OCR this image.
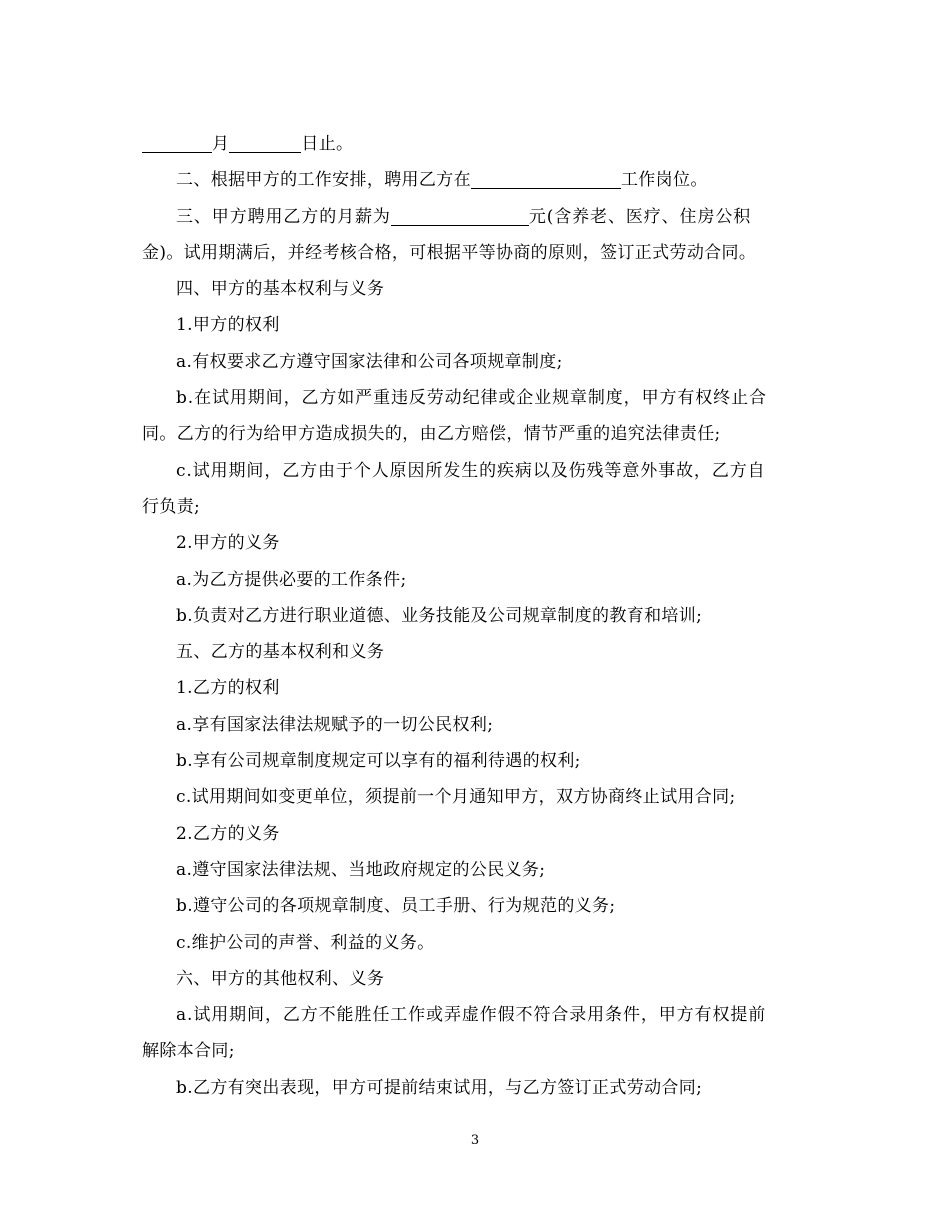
月	日止。
二、根据甲方的工作安排，聘用乙方在	工作岗位。
三、甲方聘用乙方的月薪为	元(含养老、医疗、住房公积
金)。试用期满后，并经考核合格，可根据平等协商的原则，签订正式劳动合同。
四、甲方的基本权利与义务
1.甲方的权利
a.有权要求乙方遵守国家法律和公司各项规章制度;
b.在试用期间，乙方如严重违反劳动纪律或企业规章制度，甲方有权终止合
同。乙方的行为给甲方造成损失的，由乙方赔偿，情节严重的追究法律责任;
c.试用期间，乙方由于个人原因所发生的疾病以及伤残等意外事故，乙方自
行负责;
2.甲方的义务
a.为乙方提供必要的工作条件;
b.负责对乙方进行职业道德、业务技能及公司规章制度的教育和培训;
五、乙方的基本权利和义务
1.乙方的权利
a.享有国家法律法规赋予的一切公民权利;
b.享有公司规章制度规定可以享有的福利待遇的权利;
c.试用期间如变更单位，须提前一个月通知甲方，双方协商终止试用合同;
2.乙方的义务
a.遵守国家法律法规、当地政府规定的公民义务;
b.遵守公司的各项规章制度、员工手册、行为规范的义务;
c.维护公司的声誉、利益的义务。
六、甲方的其他权利、义务
a.试用期间，乙方不能胜任工作或弄虚作假不符合录用条件，甲方有权提前
解除本合同;
b.乙方有突出表现，甲方可提前结束试用，与乙方签订正式劳动合同;
3
